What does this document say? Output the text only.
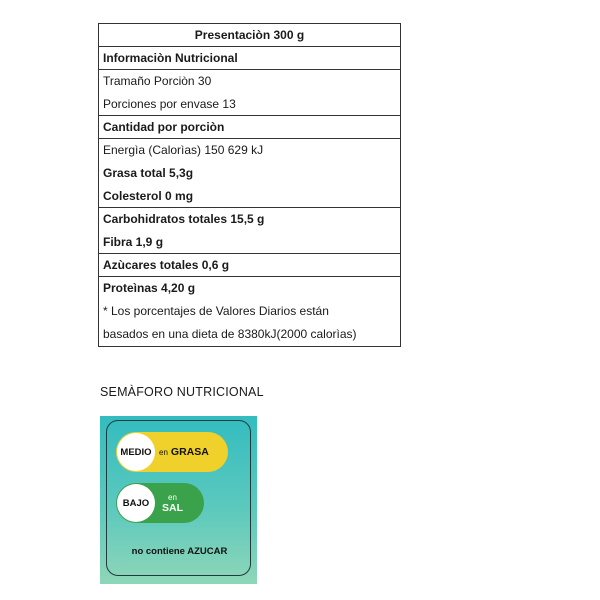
Presentaciòn 300 g
Informaciòn Nutricional
Tramaño Porciòn 30
Porciones por envase 13
Cantidad por porciòn
Energìa (Calorìas) 150 629 kJ
Grasa total 5,3g
Colesterol 0 mg
Carbohidratos totales 15,5 g
Fibra 1,9 g
Azùcares totales 0,6 g
Proteìnas 4,20 g
* Los porcentajes de Valores Diarios están
basados en una dieta de 8380kJ(2000 calorìas)
SEMÀFORO NUTRICIONAL
MEDIO en GRASA
BAJO en
SAL
no contiene AZUCAR
